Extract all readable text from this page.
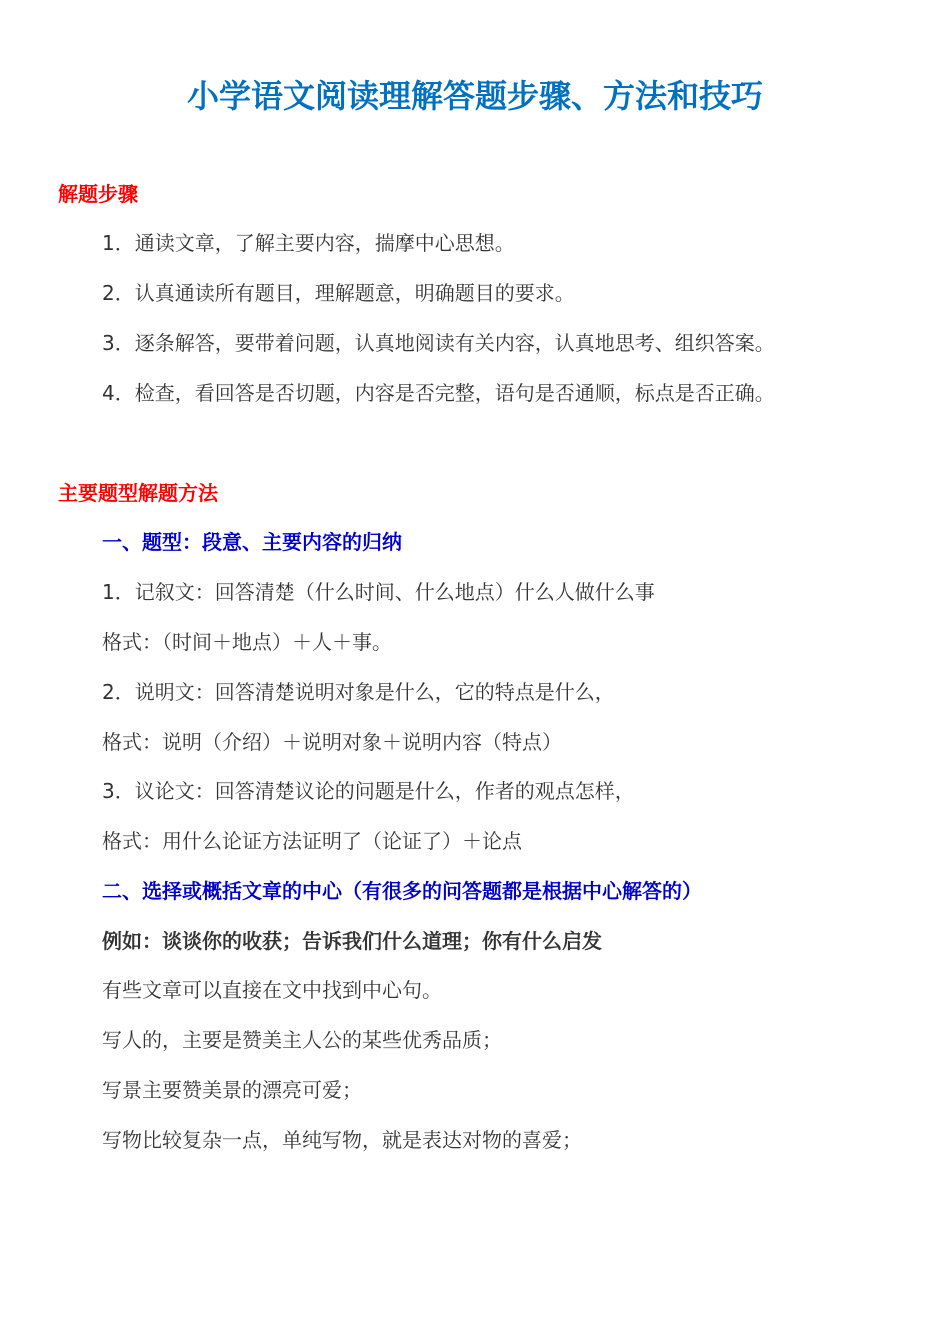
小学语文阅读理解答题步骤、方法和技巧
解题步骤
1．通读文章，了解主要内容，揣摩中心思想。
2．认真通读所有题目，理解题意，明确题目的要求。
3．逐条解答，要带着问题，认真地阅读有关内容，认真地思考、组织答案。
4．检查，看回答是否切题，内容是否完整，语句是否通顺，标点是否正确。
主要题型解题方法
一、题型：段意、主要内容的归纳
1．记叙文：回答清楚（什么时间、什么地点）什么人做什么事
格式：（时间＋地点）＋人＋事。
2．说明文：回答清楚说明对象是什么，它的特点是什么，
格式：说明（介绍）＋说明对象＋说明内容（特点）
3．议论文：回答清楚议论的问题是什么，作者的观点怎样，
格式：用什么论证方法证明了（论证了）＋论点
二、选择或概括文章的中心（有很多的问答题都是根据中心解答的）
例如：谈谈你的收获；告诉我们什么道理；你有什么启发
有些文章可以直接在文中找到中心句。
写人的，主要是赞美主人公的某些优秀品质；
写景主要赞美景的漂亮可爱；
写物比较复杂一点，单纯写物，就是表达对物的喜爱；
